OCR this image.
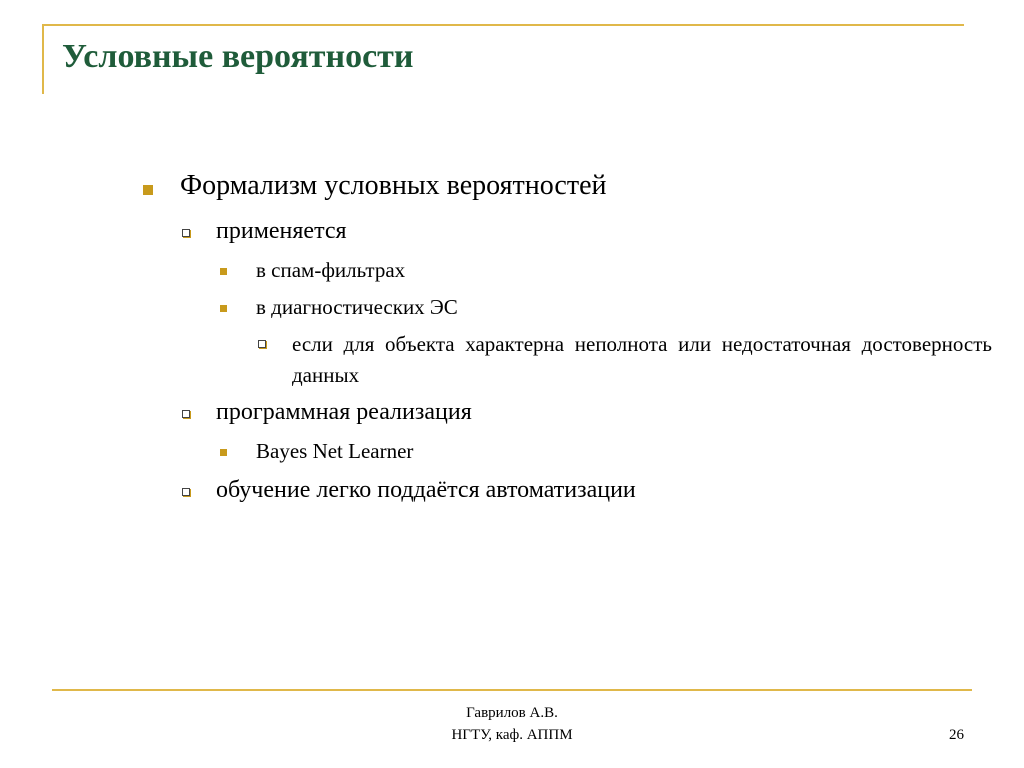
Условные вероятности
Формализм условных вероятностей
применяется
в спам-фильтрах
в диагностических ЭС
если для объекта характерна неполнота или недостаточная достоверность данных
программная реализация
Bayes Net Learner
обучение легко поддаётся автоматизации
Гаврилов А.В.
НГТУ, каф. АППМ	26
